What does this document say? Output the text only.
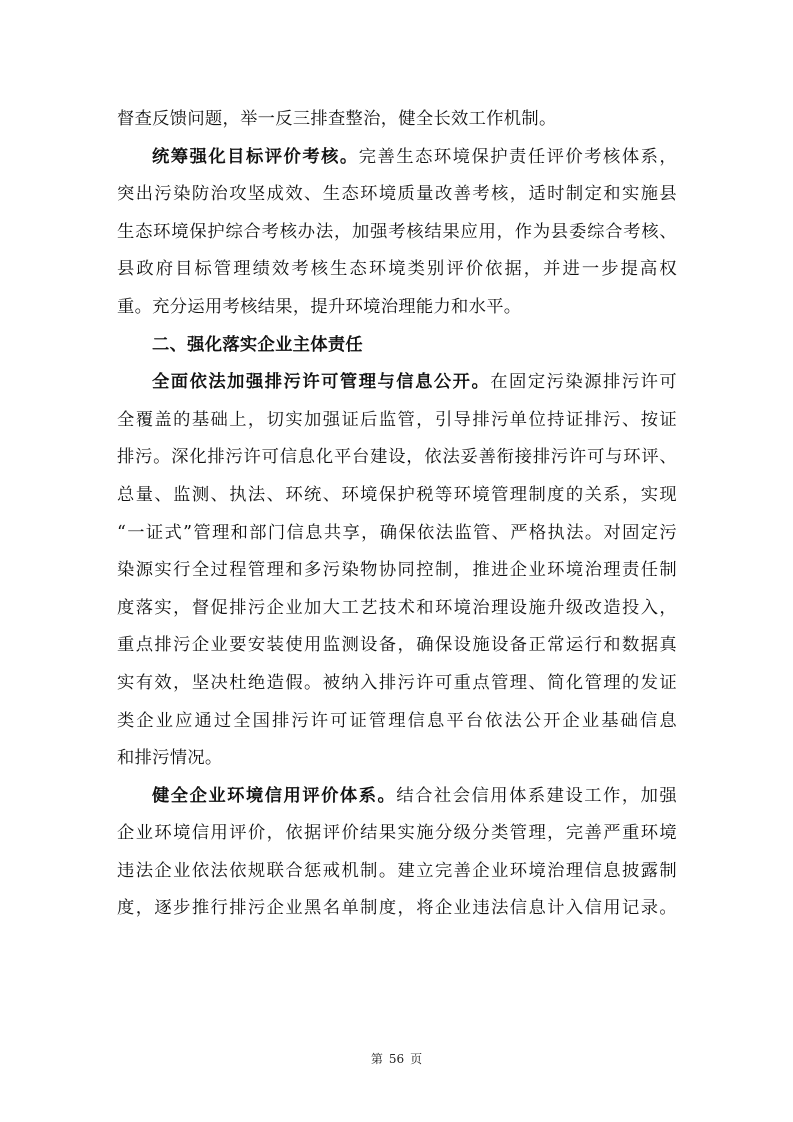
督查反馈问题，举一反三排查整治，健全长效工作机制。

统筹强化目标评价考核。完善生态环境保护责任评价考核体系，

突出污染防治攻坚成效、生态环境质量改善考核，适时制定和实施县

生态环境保护综合考核办法，加强考核结果应用，作为县委综合考核、

县政府目标管理绩效考核生态环境类别评价依据，并进一步提高权

重。充分运用考核结果，提升环境治理能力和水平。

二、强化落实企业主体责任

全面依法加强排污许可管理与信息公开。在固定污染源排污许可

全覆盖的基础上，切实加强证后监管，引导排污单位持证排污、按证

排污。深化排污许可信息化平台建设，依法妥善衔接排污许可与环评、

总量、监测、执法、环统、环境保护税等环境管理制度的关系，实现

“一证式”管理和部门信息共享，确保依法监管、严格执法。对固定污

染源实行全过程管理和多污染物协同控制，推进企业环境治理责任制

度落实，督促排污企业加大工艺技术和环境治理设施升级改造投入，

重点排污企业要安装使用监测设备，确保设施设备正常运行和数据真

实有效，坚决杜绝造假。被纳入排污许可重点管理、简化管理的发证

类企业应通过全国排污许可证管理信息平台依法公开企业基础信息

和排污情况。

健全企业环境信用评价体系。结合社会信用体系建设工作，加强

企业环境信用评价，依据评价结果实施分级分类管理，完善严重环境

违法企业依法依规联合惩戒机制。建立完善企业环境治理信息披露制

度，逐步推行排污企业黑名单制度，将企业违法信息计入信用记录。

第 56 页
